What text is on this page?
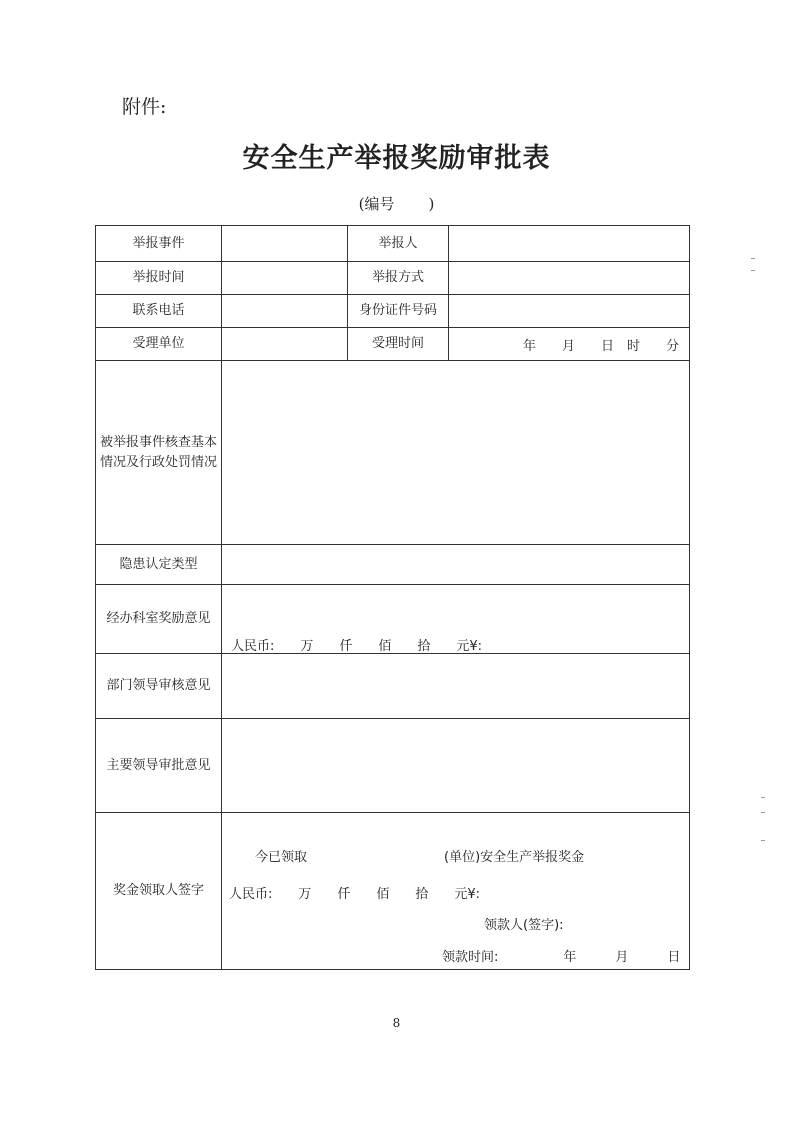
附件:
安全生产举报奖励审批表
(编号 )
举报事件		举报人	
举报时间		举报方式	
联系电话		身份证件号码	
受理单位		受理时间	年　　月　　日　时　　分
被举报事件核查基本情况及行政处罚情况			
隐患认定类型			
经办科室奖励意见	人民币:　　万　　仟　　佰　　拾　　元¥:		

部门领导审核意见			
主要领导审批意见			
奖金领取人签字	今已领取 (单位)安全生产举报奖金
人民币:　　万　　仟　　佰　　拾　　元¥:
领款人(签字):
领款时间:　　　　　年　　　月　　　日		
8
